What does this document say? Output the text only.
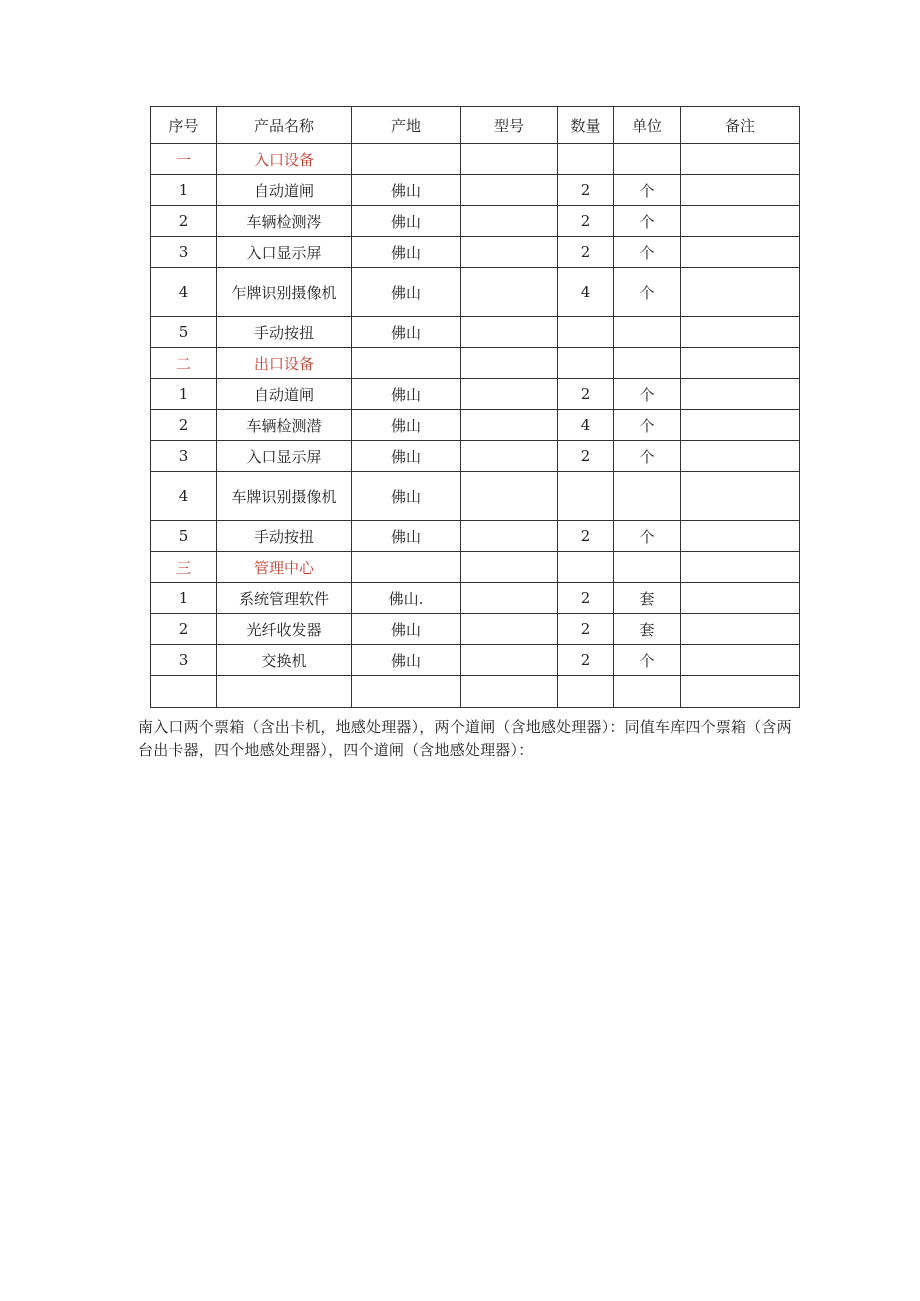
序号	产品名称	产地	型号	数量	单位	备注
一	入口设备					
1	自动道闸	佛山		2	个	
2	车辆检测涔	佛山		2	个	
3	入口显示屏	佛山		2	个	
4	乍牌识别摄像机	佛山		4	个	
5	手动按扭	佛山				
二	出口设备					
1	自动道闸	佛山		2	个	
2	车辆检测潜	佛山		4	个	
3	入口显示屏	佛山		2	个	
4	车牌识别摄像机	佛山				
5	手动按扭	佛山		2	个	
三	管理中心					
1	系统管理软件	佛山.		2	套	
2	光纤收发器	佛山		2	套	
3	交换机	佛山		2	个	

南入口两个票箱（含出卡机，地感处理器），两个道闸（含地感处理器）：同值车库四个票箱（含两台出卡器，四个地感处理器），四个道闸（含地感处理器）：
